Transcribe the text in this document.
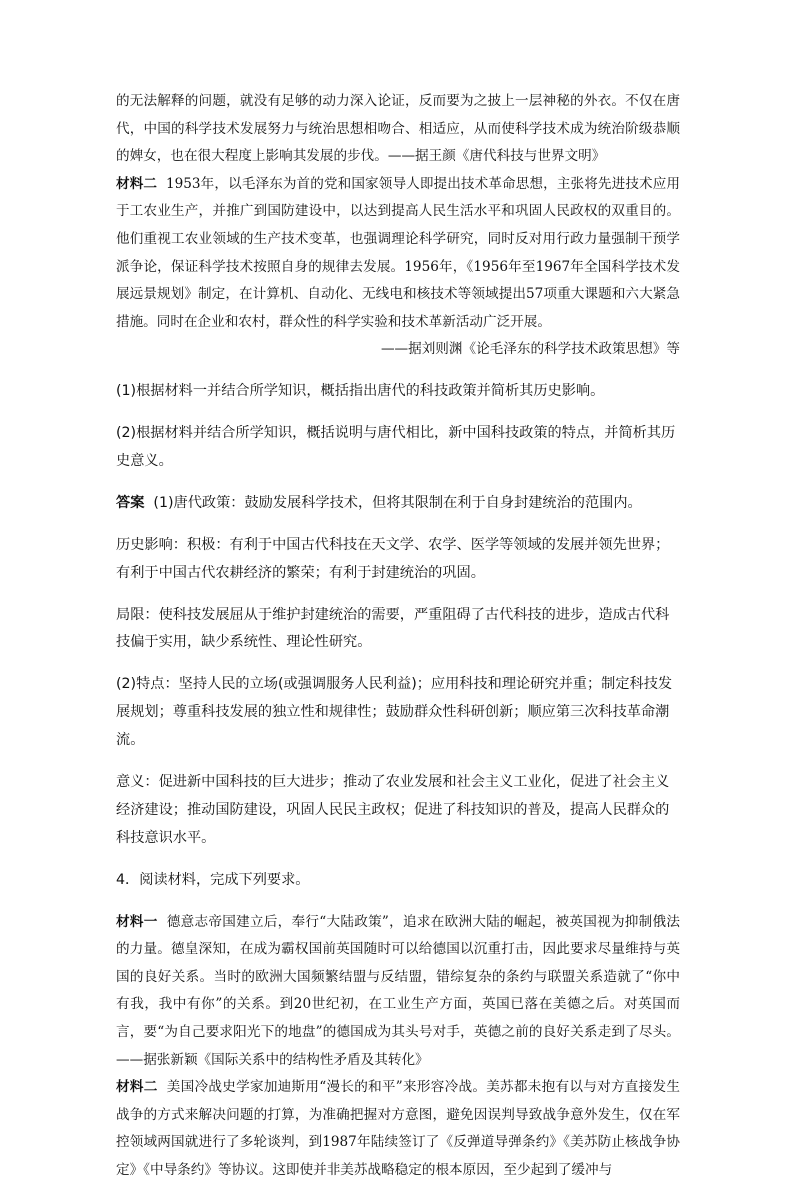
的无法解释的问题，就没有足够的动力深入论证，反而要为之披上一层神秘的外衣。不仅在唐代，中国的科学技术发展努力与统治思想相吻合、相适应，从而使科学技术成为统治阶级恭顺的婢女，也在很大程度上影响其发展的步伐。——据王颜《唐代科技与世界文明》

材料二 1953年，以毛泽东为首的党和国家领导人即提出技术革命思想，主张将先进技术应用于工农业生产，并推广到国防建设中，以达到提高人民生活水平和巩固人民政权的双重目的。他们重视工农业领域的生产技术变革，也强调理论科学研究，同时反对用行政力量强制干预学派争论，保证科学技术按照自身的规律去发展。1956年，《1956年至1967年全国科学技术发展远景规划》制定，在计算机、自动化、无线电和核技术等领域提出57项重大课题和六大紧急措施。同时在企业和农村，群众性的科学实验和技术革新活动广泛开展。

——据刘则渊《论毛泽东的科学技术政策思想》等

(1)根据材料一并结合所学知识，概括指出唐代的科技政策并简析其历史影响。

(2)根据材料并结合所学知识，概括说明与唐代相比，新中国科技政策的特点，并简析其历史意义。

答案 (1)唐代政策：鼓励发展科学技术，但将其限制在利于自身封建统治的范围内。

历史影响：积极：有利于中国古代科技在天文学、农学、医学等领域的发展并领先世界；有利于中国古代农耕经济的繁荣；有利于封建统治的巩固。

局限：使科技发展屈从于维护封建统治的需要，严重阻碍了古代科技的进步，造成古代科技偏于实用，缺少系统性、理论性研究。

(2)特点：坚持人民的立场(或强调服务人民利益)；应用科技和理论研究并重；制定科技发展规划；尊重科技发展的独立性和规律性；鼓励群众性科研创新；顺应第三次科技革命潮流。

意义：促进新中国科技的巨大进步；推动了农业发展和社会主义工业化，促进了社会主义经济建设；推动国防建设，巩固人民民主政权；促进了科技知识的普及，提高人民群众的科技意识水平。

4．阅读材料，完成下列要求。

材料一 德意志帝国建立后，奉行“大陆政策”，追求在欧洲大陆的崛起，被英国视为抑制俄法的力量。德皇深知，在成为霸权国前英国随时可以给德国以沉重打击，因此要求尽量维持与英国的良好关系。当时的欧洲大国频繁结盟与反结盟，错综复杂的条约与联盟关系造就了“你中有我，我中有你”的关系。到20世纪初，在工业生产方面，英国已落在美德之后。对英国而言，要“为自己要求阳光下的地盘”的德国成为其头号对手，英德之前的良好关系走到了尽头。——据张新颖《国际关系中的结构性矛盾及其转化》

材料二 美国冷战史学家加迪斯用“漫长的和平”来形容冷战。美苏都未抱有以与对方直接发生战争的方式来解决问题的打算，为准确把握对方意图，避免因误判导致战争意外发生，仅在军控领域两国就进行了多轮谈判，到1987年陆续签订了《反弹道导弹条约》《美苏防止核战争协定》《中导条约》等协议。这即使并非美苏战略稳定的根本原因，至少起到了缓冲与
